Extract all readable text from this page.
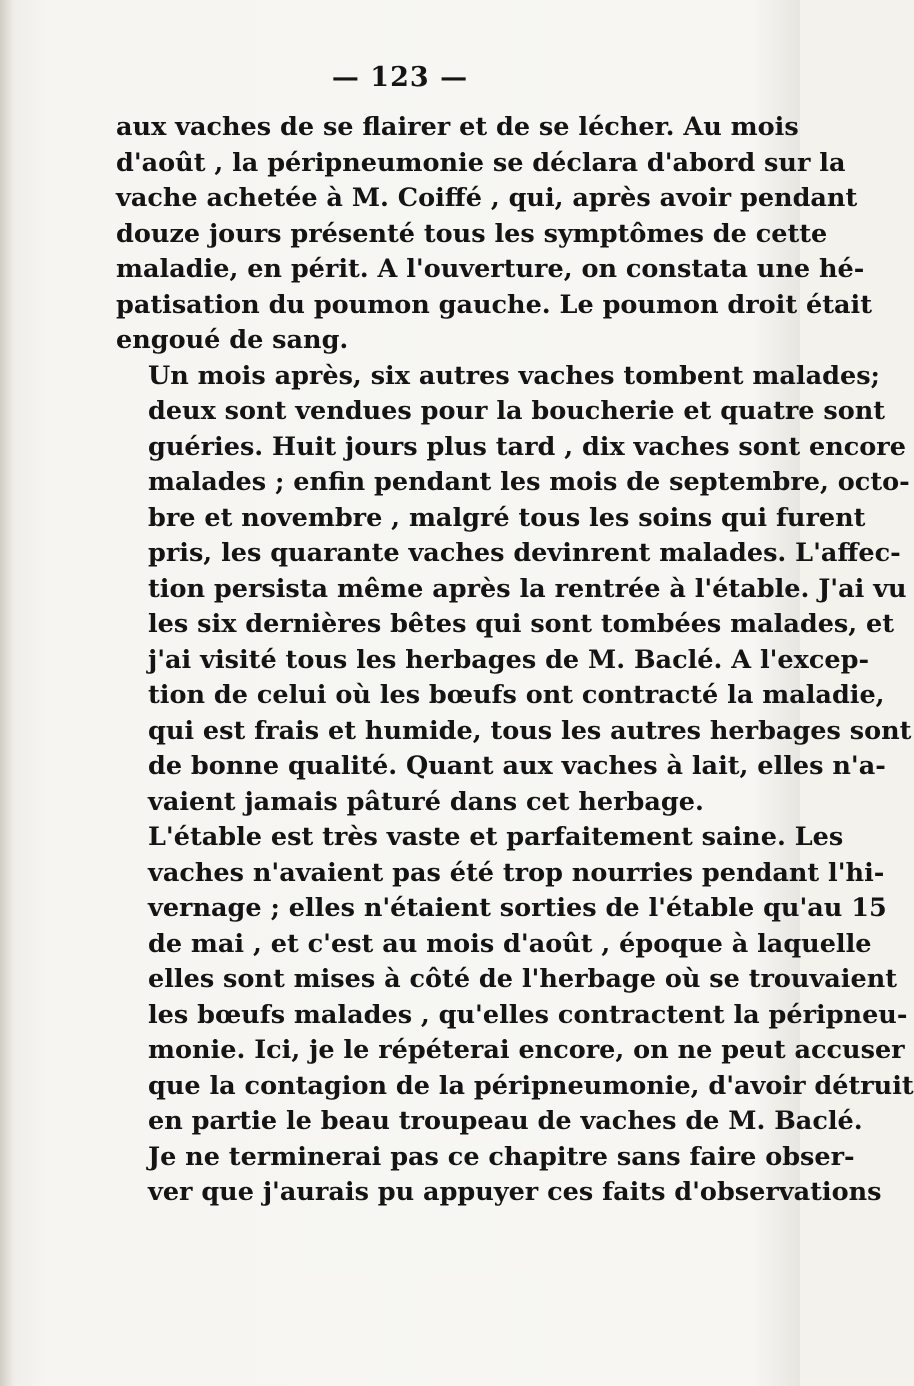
— 123 —

aux vaches de se flairer et de se lécher. Au mois
d'août , la péripneumonie se déclara d'abord sur la
vache achetée à M. Coiffé , qui, après avoir pendant
douze jours présenté tous les symptômes de cette
maladie, en périt. A l'ouverture, on constata une hé-
patisation du poumon gauche. Le poumon droit était
engoué de sang.

Un mois après, six autres vaches tombent malades;
deux sont vendues pour la boucherie et quatre sont
guéries. Huit jours plus tard , dix vaches sont encore
malades ; enfin pendant les mois de septembre, octo-
bre et novembre , malgré tous les soins qui furent
pris, les quarante vaches devinrent malades. L'affec-
tion persista même après la rentrée à l'étable. J'ai vu
les six dernières bêtes qui sont tombées malades, et
j'ai visité tous les herbages de M. Baclé. A l'excep-
tion de celui où les bœufs ont contracté la maladie,
qui est frais et humide, tous les autres herbages sont
de bonne qualité. Quant aux vaches à lait, elles n'a-
vaient jamais pâturé dans cet herbage.

L'étable est très vaste et parfaitement saine. Les
vaches n'avaient pas été trop nourries pendant l'hi-
vernage ; elles n'étaient sorties de l'étable qu'au 15
de mai , et c'est au mois d'août , époque à laquelle
elles sont mises à côté de l'herbage où se trouvaient
les bœufs malades , qu'elles contractent la péripneu-
monie. Ici, je le répéterai encore, on ne peut accuser
que la contagion de la péripneumonie, d'avoir détruit
en partie le beau troupeau de vaches de M. Baclé.

Je ne terminerai pas ce chapitre sans faire obser-
ver que j'aurais pu appuyer ces faits d'observations
